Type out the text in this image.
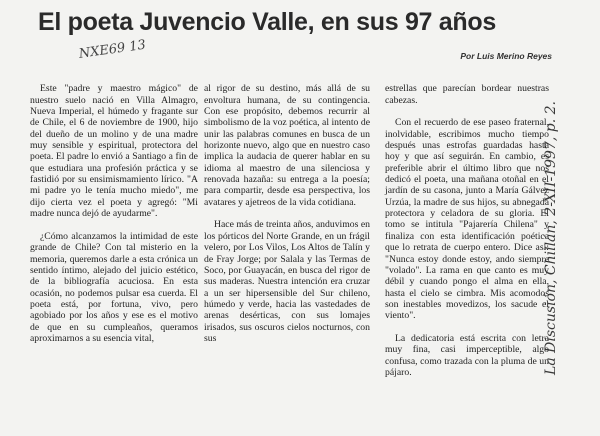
El poeta Juvencio Valle, en sus 97 años
NXE69 13	Por Luis Merino Reyes
La Discusión, Chillán, 2-XII-1997, p. 2.

Este "padre y maestro mágico" de nuestro suelo nació en Villa Almagro, Nueva Imperial, el húmedo y fragante sur de Chile, el 6 de noviembre de 1900, hijo del dueño de un molino y de una madre muy sensible y espiritual, protectora del poeta. El padre lo envió a Santiago a fin de que estudiara una profesión práctica y se fastidió por su ensimismamiento lírico. "A mi padre yo le tenía mucho miedo", me dijo cierta vez el poeta y agregó: "Mi madre nunca dejó de ayudarme".

¿Cómo alcanzamos la intimidad de este grande de Chile? Con tal misterio en la memoria, queremos darle a esta crónica un sentido íntimo, alejado del juicio estético, de la bibliografía acuciosa. En esta ocasión, no podemos pulsar esa cuerda. El poeta está, por fortuna, vivo, pero agobiado por los años y ese es el motivo de que en su cumpleaños, queramos aproximarnos a su esencia vital,

al rigor de su destino, más allá de su envoltura humana, de su contingencia. Con ese propósito, debemos recurrir al simbolismo de la voz poética, al intento de unir las palabras comunes en busca de un horizonte nuevo, algo que en nuestro caso implica la audacia de querer hablar en su idioma al maestro de una silenciosa y renovada hazaña: su entrega a la poesía; para compartir, desde esa perspectiva, los avatares y ajetreos de la vida cotidiana.

Hace más de treinta años, anduvimos en los pórticos del Norte Grande, en un frágil velero, por Los Vilos, Los Altos de Talín y de Fray Jorge; por Salala y las Termas de Soco, por Guayacán, en busca del rigor de sus maderas. Nuestra intención era cruzar a un ser hipersensible del Sur chileno, húmedo y verde, hacia las vastedades de arenas desérticas, con sus lomajes irisados, sus oscuros cielos nocturnos, con sus

estrellas que parecían bordear nuestras cabezas.

Con el recuerdo de ese paseo fraternal, inolvidable, escribimos mucho tiempo después unas estrofas guardadas hasta hoy y que así seguirán. En cambio, es preferible abrir el último libro que nos dedicó el poeta, una mañana otoñal en el jardín de su casona, junto a María Gálvez Urzúa, la madre de sus hijos, su abnegada protectora y celadora de su gloria. El tomo se intitula "Pajarería Chilena" y finaliza con esta identificación poética que lo retrata de cuerpo entero. Dice así: "Nunca estoy donde estoy, ando siempre "volado". La rama en que canto es muy débil y cuando pongo el alma en ella, hasta el cielo se cimbra. Mis acomodos son inestables movedizos, los sacude el viento".

La dedicatoria está escrita con letra muy fina, casi imperceptible, algo confusa, como trazada con la pluma de un pájaro.
